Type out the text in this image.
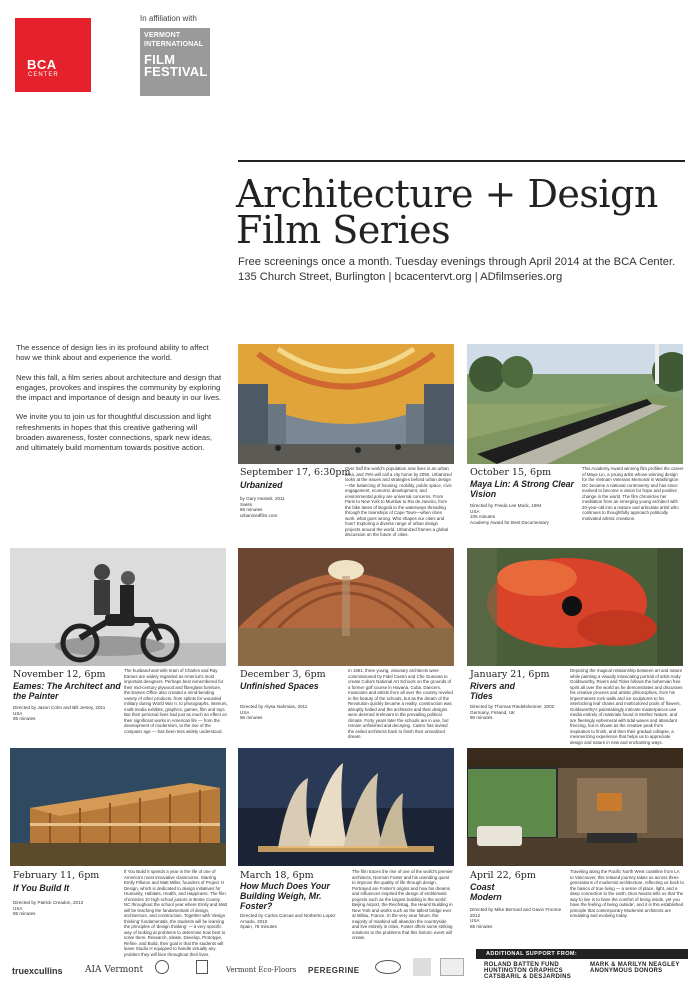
BCA
CENTER
In affiliation with
VERMONT
INTERNATIONAL
FILM
FESTIVAL
Architecture + Design
Film Series
Free screenings once a month. Tuesday evenings through April 2014 at the BCA Center.
135 Church Street, Burlington | bcacentervt.org | ADfilmseries.org

The essence of design lies in its profound ability to affect how we think about and experience the world.

New this fall, a film series about architecture and design that engages, provokes and inspires the community by exploring the impact and importance of design and beauty in our lives.

We invite you to join us for thoughtful discussion and light refreshments in hopes that this creative gathering will broaden awareness, foster connections, spark new ideas, and ultimately build momentum towards positive action.

September 17, 6:30pm
Urbanized
by Gary Hustwit, 2011
Swiss
85 minutes
urbanizedfilm.com
Over half the world's population now lives in an urban area, and 75% will call a city home by 2050. Urbanized looks at the issues and strategies behind urban design—the balancing of housing, mobility, public space, civic engagement, economic development, and environmental policy are universal concerns. From Paris to New York to Mumbai to Rio de Janeiro, from the bike lanes of Bogotá to the waterways threading through the townships of Cape Town—when cities work, what goes wrong. Who shapes our cities and how? Exploring a diverse range of urban design projects around the world, Urbanized frames a global discussion on the future of cities.
October 15, 6pm
Maya Lin: A Strong Clear Vision
Directed by Freida Lee Mock, 1994
USA
105 minutes
Academy Award for Best Documentary
This Academy Award winning film profiles the career of Maya Lin, a young artist whose winning design for the Vietnam Veterans Memorial in Washington DC became a national controversy and has since evolved to become a vision for hope and positive change in the world. The film chronicles her meditation from an emerging young architect with 20-year-old into a mature and articulate artist who continues to thoughtfully approach politically motivated artistic creations.
November 12, 6pm
Eames: The Architect and the Painter
Directed by Jason Cohn and Bill Jersey, 2011
USA
85 minutes
The husband-and-wife team of Charles and Ray Eames are widely regarded as America's most important designers. Perhaps best remembered for their mid-century plywood and fiberglass furniture, the Eames Office also created a mind-bending variety of other products, from splints for wounded military during World War II, to photographs, interiors, multi-media exhibits, graphics, games, film and toys. But their personal lives had just as much an effect on their significant works in American life — from the development of modernism, to the rise of the computer age — has been less widely understood.
December 3, 6pm
Unfinished Spaces
Directed by Alysa Nahmias, 2011
USA
86 minutes
In 1961, three young, visionary architects were commissioned by Fidel Castro and Che Guevara to create Cuba's National Art Schools on the grounds of a former golf course in Havana, Cuba. Dancers, musicians and artists from all over the country reveled in the beauty of the schools, but as the dream of the Revolution quickly became a reality, construction was abruptly halted and the architects and their designs were deemed irrelevant in the prevailing political climate. Forty years later the schools are in use, but remain unfinished and decaying. Castro has invited the exiled architects back to finish their unrealized dream.
January 21, 6pm
Rivers and Tides
Directed by Thomas Riedelsheimer, 2002
Germany, Finland, UK
90 minutes
Depicting the magical relationship between art and nature while painting a visually intoxicating portrait of artist Andy Goldsworthy, Rivers and Tides follows the bohemian free spirit all over the world as he demonstrates and discusses his creative process and artistic philosophies, from his impermanent rock walls and ice sculptures to his interlocking leaf chains and multicolored pools of flowers. Goldsworthy's painstakingly intricate masterpieces use media entirely of materials found in Mother Nature, and are fleetingly ephemeral with tidal waves and attendant freezing, but is shown as the creative peak from inspiration to finish, and then their gradual collapse, a mesmerizing experience that helps us to appreciate design and nature in new and enchanting ways.
February 11, 6pm
If You Build It
Directed by Patrick Creadon, 2013
USA
85 minutes
If You Build It spends a year in the life of one of America's most innovative classrooms. Starring Emily Pilloton and Matt Miller, founders of Project H Design, which is dedicated to design initiatives for Humanity, Habitats, Health, and Happiness. The film chronicles 10 high school juniors in Bertie County, NC throughout the school year where Emily and Matt will be teaching the fundamentals of design, architecture, and construction. Together with 'design thinking' fundamentals, the students will be learning the principles of 'design thinking' — a very specific way of looking at problems to determine how best to solve them. Research, Ideate, Develop, Prototype, Refine, and Build, their goal is that the students will leave Studio H equipped to handle virtually any problem they will face throughout their lives.
March 18, 6pm
How Much Does Your Building Weigh, Mr. Foster?
Directed by Carlos Carcas and Norberto Lopez Amado, 2010
Spain, 78 minutes
The film traces the rise of one of the world's premier architects, Norman Foster and his unending quest to improve the quality of life through design. Portrayed are Foster's origins and how his dreams and influences inspired the design of emblematic projects such as the largest building in the world: Beijing Airport, the Reichstag, the Hearst Building in New York and works such as the tallest bridge ever at Millau, France. In the very near future, the majority of mankind will abandon the countryside and live entirely in cities. Foster offers some striking solutions to the problems that this historic event will create.
April 22, 6pm
Coast Modern
Directed by Mike Bernard and Gavin Froome 2012
USA
85 minutes
Traveling along the Pacific North West coastline from LA to Vancouver, this relaxed journey takes us across three generations of modernist architecture, reflecting us back to the basics of true living — a sense of place, light, and a deep connection to the earth. Dion Neutra tells us that 'the way to live is to have the comfort of being inside, yet you have the feeling of being outside', and it is this established principle that contemporary Modernist architects are emulating and evolving today.
truexcullins AIA Vermont	Vermont Eco-Floors PEREGRINE
ADDITIONAL SUPPORT FROM:
ROLAND BATTEN FUND
HUNTINGTON GRAPHICS
CATSBARIL & DESJARDINS
MARK & MARILYN NEAGLEY
ANONYMOUS DONORS
